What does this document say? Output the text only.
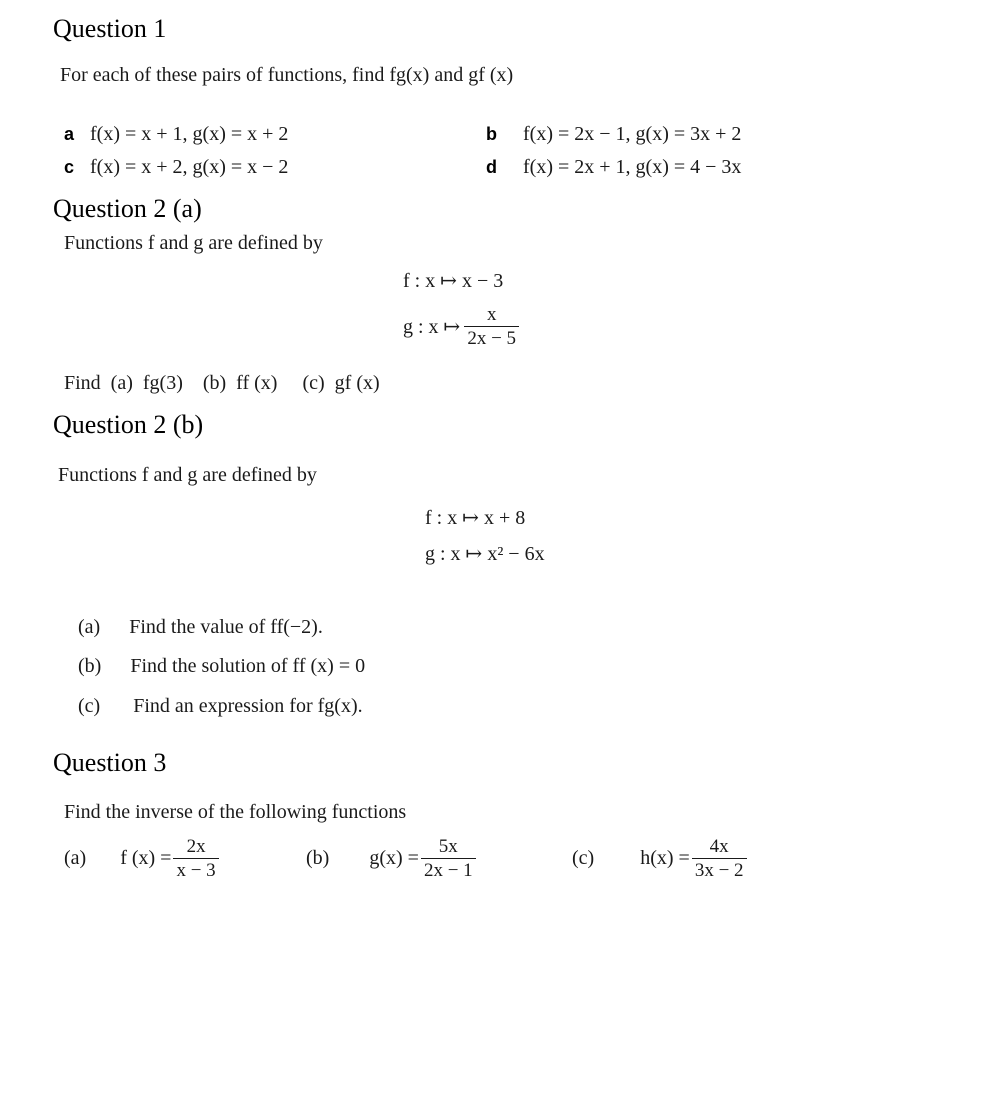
Question 1
For each of these pairs of functions, find fg(x) and gf (x)
a f(x) = x + 1, g(x) = x + 2	b f(x) = 2x − 1, g(x) = 3x + 2
c f(x) = x + 2, g(x) = x − 2	d f(x) = 2x + 1, g(x) = 4 − 3x
Question 2 (a)
Functions f and g are defined by
f : x ↦ x − 3
g : x ↦ $\frac{x}{2x - 5}$
Find  (a)  fg(3)    (b)  ff (x)     (c)  gf (x)
Question 2 (b)
Functions f and g are defined by
f : x ↦ x + 8
g : x ↦ x² − 6x
(a) Find the value of ff(−2).
(b) Find the solution of ff (x) = 0
(c) Find an expression for fg(x).
Question 3
Find the inverse of the following functions
(a) f $(x) = \frac{2x}{x - 3}$	(b) $g(x) = \frac{5x}{2x - 1}$	(c) $h(x) = \frac{4x}{3x - 2}$
